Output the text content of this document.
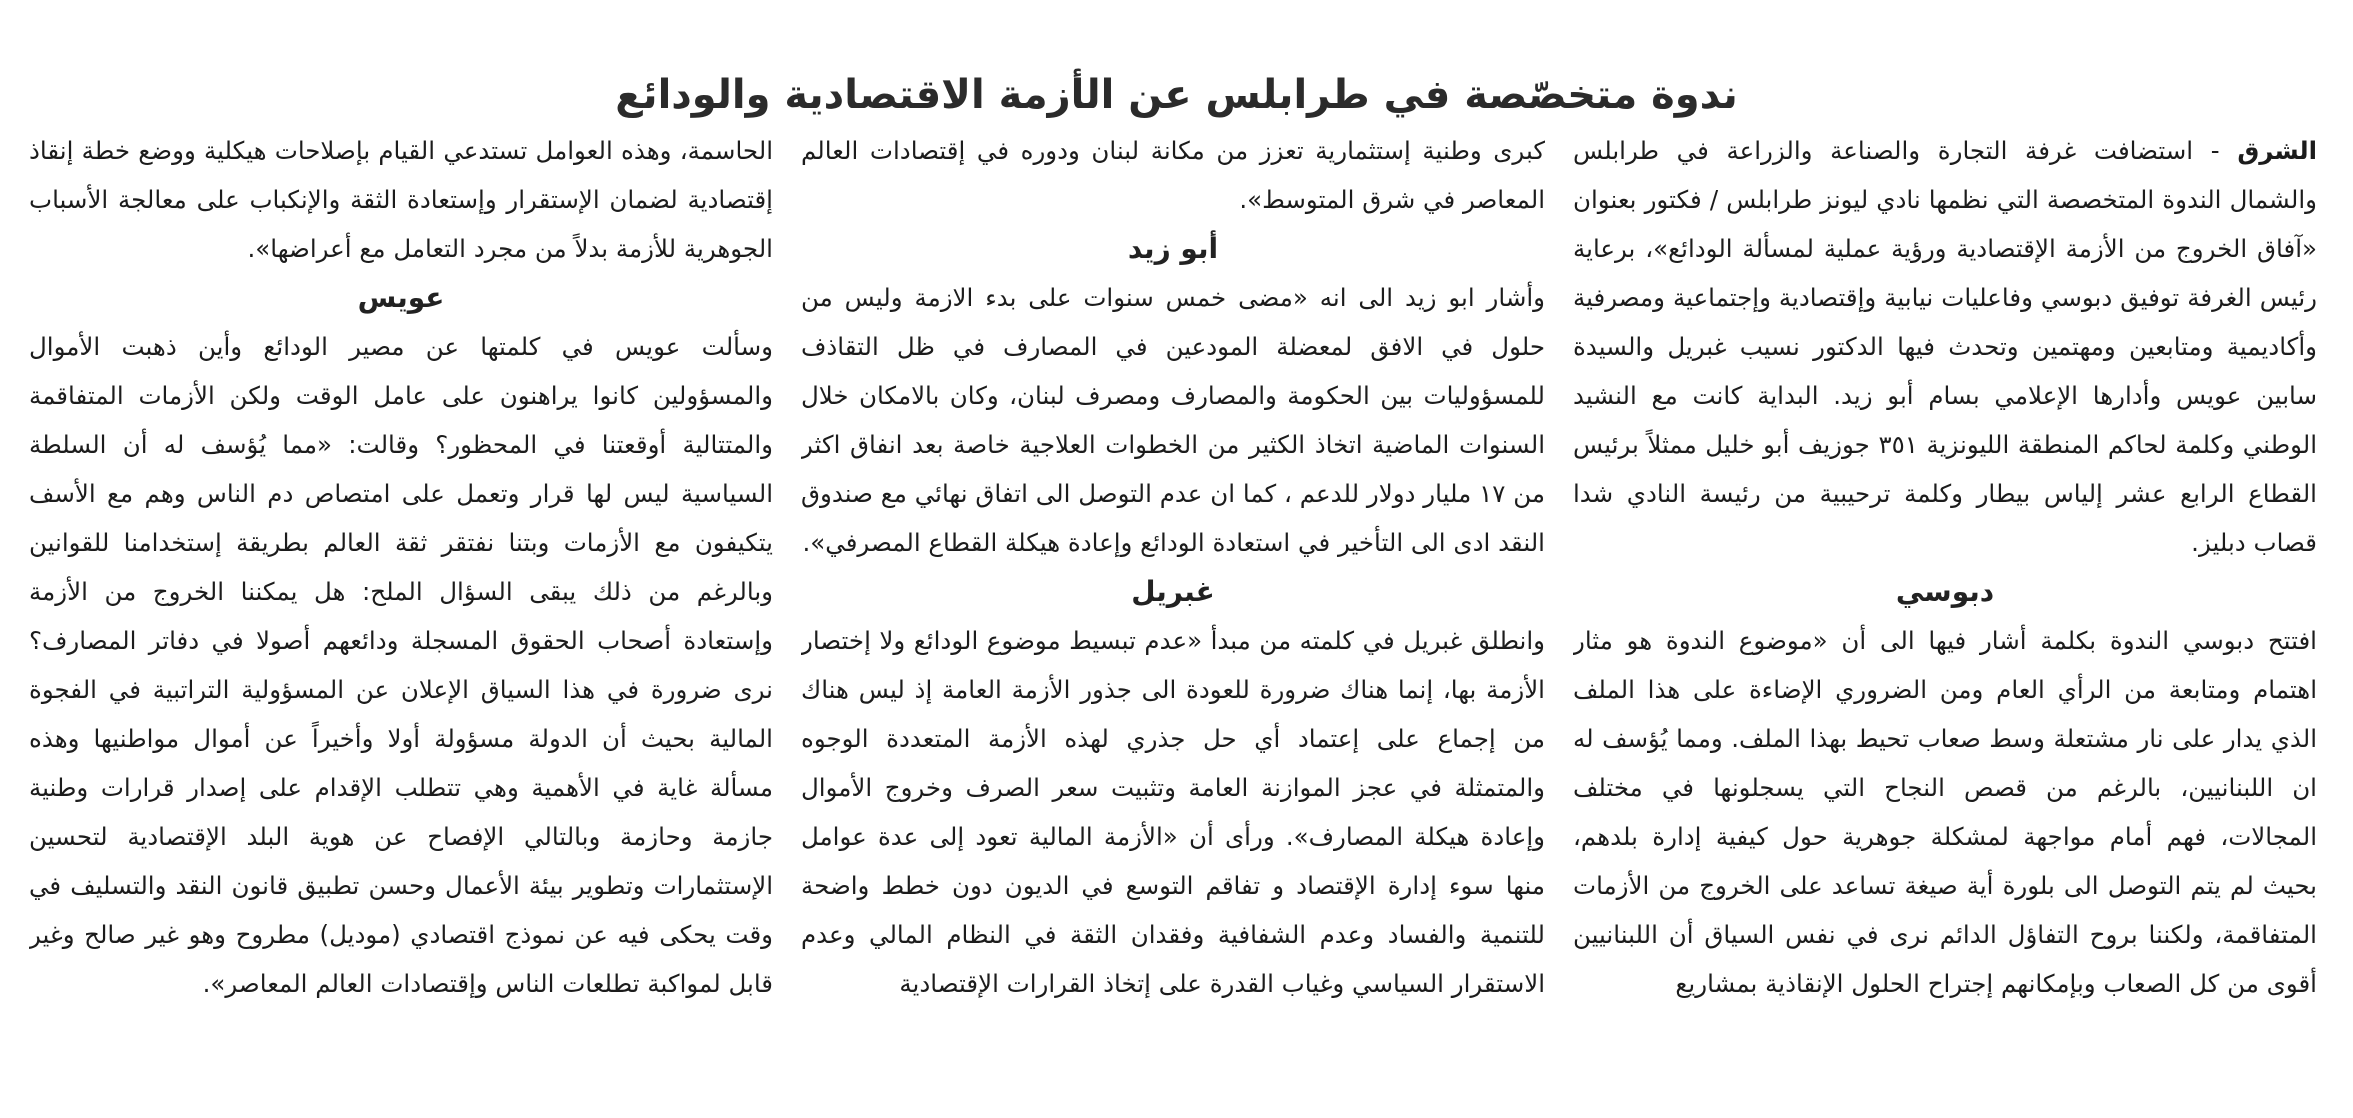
ندوة متخصّصة في طرابلس عن الأزمة الاقتصادية والودائع

الشرق - استضافت غرفة التجارة والصناعة والزراعة في طرابلس والشمال الندوة المتخصصة التي نظمها نادي ليونز طرابلس / فكتور بعنوان «آفاق الخروج من الأزمة الإقتصادية ورؤية عملية لمسألة الودائع»، برعاية رئيس الغرفة توفيق دبوسي وفاعليات نيابية وإقتصادية وإجتماعية ومصرفية وأكاديمية ومتابعين ومهتمين وتحدث فيها الدكتور نسيب غبريل والسيدة سابين عويس وأدارها الإعلامي بسام أبو زيد. البداية كانت مع النشيد الوطني وكلمة لحاكم المنطقة الليونزية ٣٥١ جوزيف أبو خليل ممثلاً برئيس القطاع الرابع عشر إلياس بيطار وكلمة ترحيبية من رئيسة النادي شدا قصاب دبليز.

دبوسي

افتتح دبوسي الندوة بكلمة أشار فيها الى أن «موضوع الندوة هو مثار اهتمام ومتابعة من الرأي العام ومن الضروري الإضاءة على هذا الملف الذي يدار على نار مشتعلة وسط صعاب تحيط بهذا الملف. ومما يُؤسف له ان اللبنانيين، بالرغم من قصص النجاح التي يسجلونها في مختلف المجالات، فهم أمام مواجهة لمشكلة جوهرية حول كيفية إدارة بلدهم، بحيث لم يتم التوصل الى بلورة أية صيغة تساعد على الخروج من الأزمات المتفاقمة، ولكننا بروح التفاؤل الدائم نرى في نفس السياق أن اللبنانيين أقوى من كل الصعاب وبإمكانهم إجتراح الحلول الإنقاذية بمشاريع

كبرى وطنية إستثمارية تعزز من مكانة لبنان ودوره في إقتصادات العالم المعاصر في شرق المتوسط».

أبو زيد

وأشار ابو زيد الى انه «مضى خمس سنوات على بدء الازمة وليس من حلول في الافق لمعضلة المودعين في المصارف في ظل التقاذف للمسؤوليات بين الحكومة والمصارف ومصرف لبنان، وكان بالامكان خلال السنوات الماضية اتخاذ الكثير من الخطوات العلاجية خاصة بعد انفاق اكثر من ١٧ مليار دولار للدعم ، كما ان عدم التوصل الى اتفاق نهائي مع صندوق النقد ادى الى التأخير في استعادة الودائع وإعادة هيكلة القطاع المصرفي».

غبريل

وانطلق غبريل في كلمته من مبدأ «عدم تبسيط موضوع الودائع ولا إختصار الأزمة بها، إنما هناك ضرورة للعودة الى جذور الأزمة العامة إذ ليس هناك من إجماع على إعتماد أي حل جذري لهذه الأزمة المتعددة الوجوه والمتمثلة في عجز الموازنة العامة وتثبيت سعر الصرف وخروج الأموال وإعادة هيكلة المصارف». ورأى أن «الأزمة المالية تعود إلى عدة عوامل منها سوء إدارة الإقتصاد و تفاقم التوسع في الديون دون خطط واضحة للتنمية والفساد وعدم الشفافية وفقدان الثقة في النظام المالي وعدم الاستقرار السياسي وغياب القدرة على إتخاذ القرارات الإقتصادية

الحاسمة، وهذه العوامل تستدعي القيام بإصلاحات هيكلية ووضع خطة إنقاذ إقتصادية لضمان الإستقرار وإستعادة الثقة والإنكباب على معالجة الأسباب الجوهرية للأزمة بدلاً من مجرد التعامل مع أعراضها».

عويس

وسألت عويس في كلمتها عن مصير الودائع وأين ذهبت الأموال والمسؤولين كانوا يراهنون على عامل الوقت ولكن الأزمات المتفاقمة والمتتالية أوقعتنا في المحظور؟ وقالت: «مما يُؤسف له أن السلطة السياسية ليس لها قرار وتعمل على امتصاص دم الناس وهم مع الأسف يتكيفون مع الأزمات وبتنا نفتقر ثقة العالم بطريقة إستخدامنا للقوانين وبالرغم من ذلك يبقى السؤال الملح: هل يمكننا الخروج من الأزمة وإستعادة أصحاب الحقوق المسجلة ودائعهم أصولا في دفاتر المصارف؟ نرى ضرورة في هذا السياق الإعلان عن المسؤولية التراتبية في الفجوة المالية بحيث أن الدولة مسؤولة أولا وأخيراً عن أموال مواطنيها وهذه مسألة غاية في الأهمية وهي تتطلب الإقدام على إصدار قرارات وطنية جازمة وحازمة وبالتالي الإفصاح عن هوية البلد الإقتصادية لتحسين الإستثمارات وتطوير بيئة الأعمال وحسن تطبيق قانون النقد والتسليف في وقت يحكى فيه عن نموذج اقتصادي (موديل) مطروح وهو غير صالح وغير قابل لمواكبة تطلعات الناس وإقتصادات العالم المعاصر».
